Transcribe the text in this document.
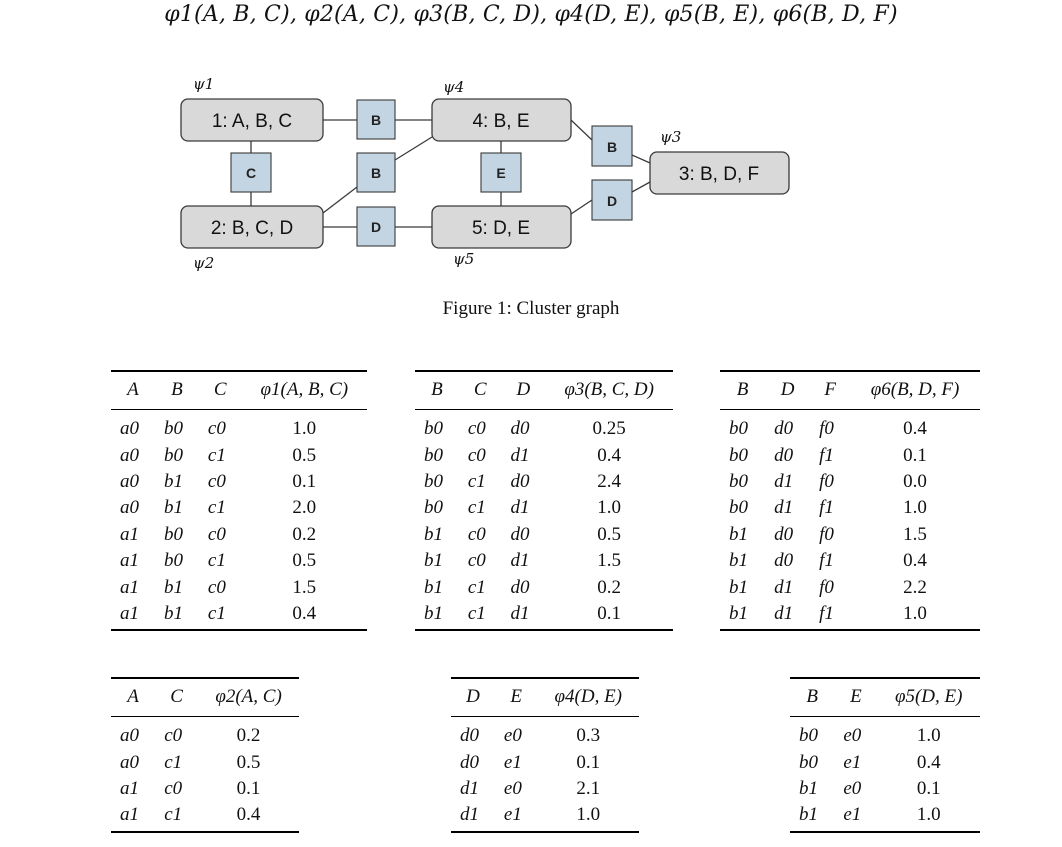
φ1(A, B, C), φ2(A, C), φ3(B, C, D), φ4(D, E), φ5(B, E), φ6(B, D, F)
1: A, B, C
2: B, C, D
3: B, D, F
4: B, E
5: D, E
ψ1
ψ2
ψ3
ψ4
ψ5
C
B
B
D
E
B
D
Figure 1: Cluster graph
A	B	C	φ1(A, B, C)
a0	b0	c0	1.0
a0	b0	c1	0.5
a0	b1	c0	0.1
a0	b1	c1	2.0
a1	b0	c0	0.2
a1	b0	c1	0.5
a1	b1	c0	1.5
a1	b1	c1	0.4
B	C	D	φ3(B, C, D)
b0	c0	d0	0.25
b0	c0	d1	0.4
b0	c1	d0	2.4
b0	c1	d1	1.0
b1	c0	d0	0.5
b1	c0	d1	1.5
b1	c1	d0	0.2
b1	c1	d1	0.1
B	D	F	φ6(B, D, F)
b0	d0	f0	0.4
b0	d0	f1	0.1
b0	d1	f0	0.0
b0	d1	f1	1.0
b1	d0	f0	1.5
b1	d0	f1	0.4
b1	d1	f0	2.2
b1	d1	f1	1.0
A	C	φ2(A, C)
a0	c0	0.2
a0	c1	0.5
a1	c0	0.1
a1	c1	0.4
D	E	φ4(D, E)
d0	e0	0.3
d0	e1	0.1
d1	e0	2.1
d1	e1	1.0
B	E	φ5(D, E)
b0	e0	1.0
b0	e1	0.4
b1	e0	0.1
b1	e1	1.0
